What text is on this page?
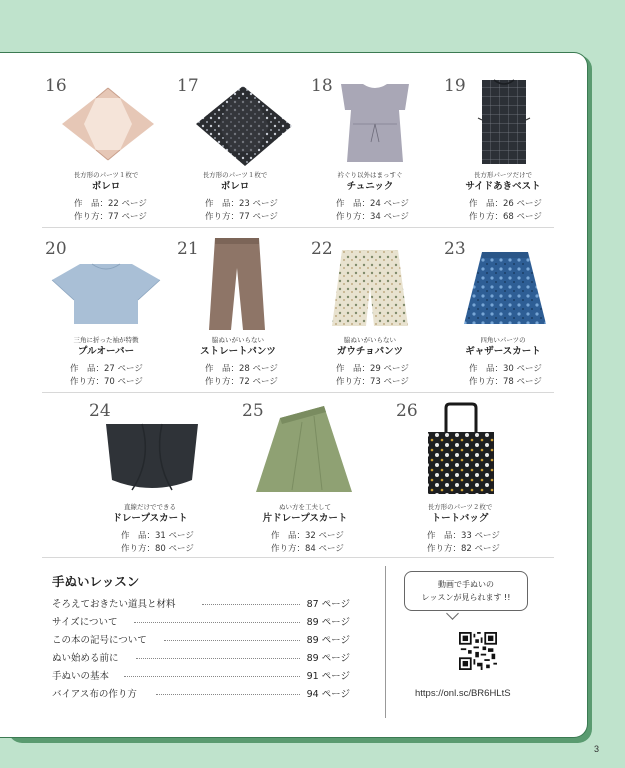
16
長方形のパーツ１枚で
ボレロ
作　品：22 ページ
作り方：77 ページ
17
長方形のパーツ１枚で
ボレロ
作　品：23 ページ
作り方：77 ページ
18
衿ぐり以外はまっすぐ
チュニック
作　品：24 ページ
作り方：34 ページ
19
長方形パーツだけで
サイドあきベスト
作　品：26 ページ
作り方：68 ページ
20
三角に折った袖が特徴
プルオーバー
作　品：27 ページ
作り方：70 ページ
21
脇ぬいがいらない
ストレートパンツ
作　品：28 ページ
作り方：72 ページ
22
脇ぬいがいらない
ガウチョパンツ
作　品：29 ページ
作り方：73 ページ
23
四角いパーツの
ギャザースカート
作　品：30 ページ
作り方：78 ページ
24
直線だけでできる
ドレープスカート
作　品：31 ページ
作り方：80 ページ
25
ぬい方を工夫して
片ドレープスカート
作　品：32 ページ
作り方：84 ページ
26
長方形のパーツ２枚で
トートバッグ
作　品：33 ページ
作り方：82 ページ
手ぬいレッスン
そろえておきたい道具と材料	87 ページ
サイズについて	89 ページ
この本の記号について	89 ページ
ぬい始める前に	89 ページ
手ぬいの基本	91 ページ
バイアス布の作り方	94 ページ
動画で手ぬいの
レッスンが見られます !!
https://onl.sc/BR6HLtS
3
